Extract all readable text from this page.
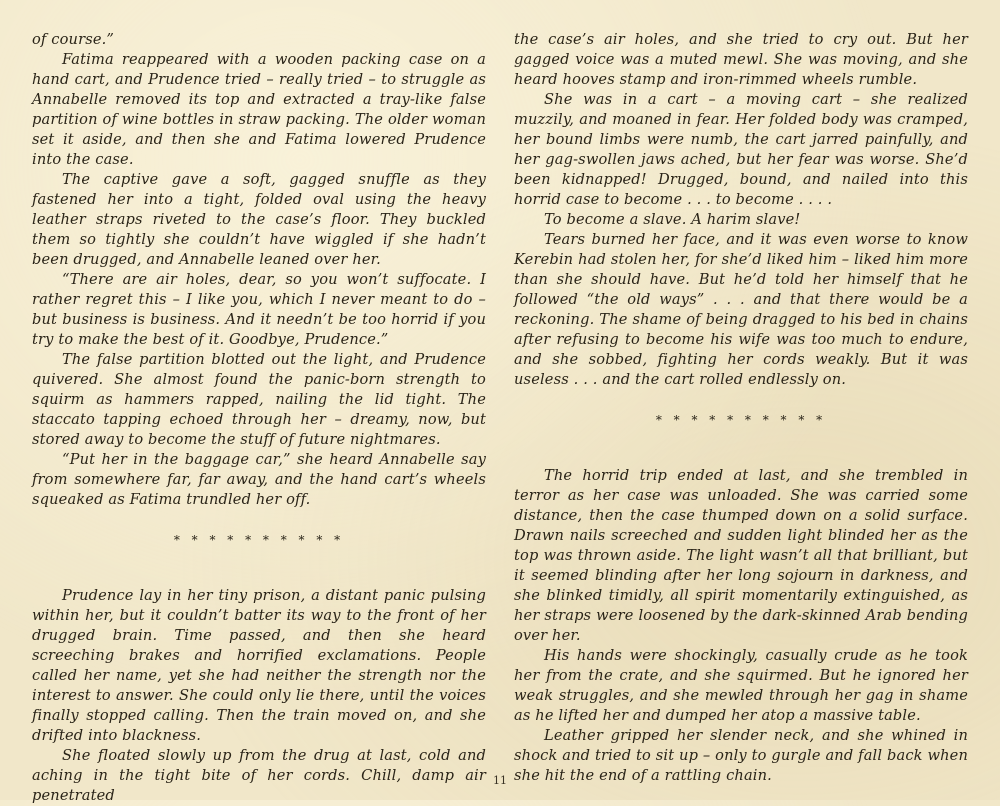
of course.”

Fatima reappeared with a wooden packing case on a hand cart, and Prudence tried – really tried – to struggle as Annabelle removed its top and extracted a tray-like false partition of wine bottles in straw packing. The older woman set it aside, and then she and Fatima lowered Prudence into the case.

The captive gave a soft, gagged snuffle as they fastened her into a tight, folded oval using the heavy leather straps riveted to the case’s floor. They buckled them so tightly she couldn’t have wiggled if she hadn’t been drugged, and Annabelle leaned over her.

“There are air holes, dear, so you won’t suffocate. I rather regret this – I like you, which I never meant to do – but business is business. And it needn’t be too horrid if you try to make the best of it. Goodbye, Prudence.”

The false partition blotted out the light, and Prudence quivered. She almost found the panic-born strength to squirm as hammers rapped, nailing the lid tight. The staccato tapping echoed through her – dreamy, now, but stored away to become the stuff of future nightmares.

“Put her in the baggage car,” she heard Annabelle say from somewhere far, far away, and the hand cart’s wheels squeaked as Fatima trundled her off.

* * * * * * * * * *

Prudence lay in her tiny prison, a distant panic pulsing within her, but it couldn’t batter its way to the front of her drugged brain. Time passed, and then she heard screeching brakes and horrified exclamations. People called her name, yet she had neither the strength nor the interest to answer. She could only lie there, until the voices finally stopped calling. Then the train moved on, and she drifted into blackness.

She floated slowly up from the drug at last, cold and aching in the tight bite of her cords. Chill, damp air penetrated

the case’s air holes, and she tried to cry out. But her gagged voice was a muted mewl. She was moving, and she heard hooves stamp and iron-rimmed wheels rumble.

She was in a cart – a moving cart – she realized muzzily, and moaned in fear. Her folded body was cramped, her bound limbs were numb, the cart jarred painfully, and her gag-swollen jaws ached, but her fear was worse. She’d been kidnapped! Drugged, bound, and nailed into this horrid case to become . . . to become . . . .

To become a slave. A harim slave!

Tears burned her face, and it was even worse to know Kerebin had stolen her, for she’d liked him – liked him more than she should have. But he’d told her himself that he followed “the old ways” . . . and that there would be a reckoning. The shame of being dragged to his bed in chains after refusing to become his wife was too much to endure, and she sobbed, fighting her cords weakly. But it was useless . . . and the cart rolled endlessly on.

* * * * * * * * * *

The horrid trip ended at last, and she trembled in terror as her case was unloaded. She was carried some distance, then the case thumped down on a solid surface. Drawn nails screeched and sudden light blinded her as the top was thrown aside. The light wasn’t all that brilliant, but it seemed blinding after her long sojourn in darkness, and she blinked timidly, all spirit momentarily extinguished, as her straps were loosened by the dark-skinned Arab bending over her.

His hands were shockingly, casually crude as he took her from the crate, and she squirmed. But he ignored her weak struggles, and she mewled through her gag in shame as he lifted her and dumped her atop a massive table.

Leather gripped her slender neck, and she whined in shock and tried to sit up – only to gurgle and fall back when she hit the end of a rattling chain.

11
